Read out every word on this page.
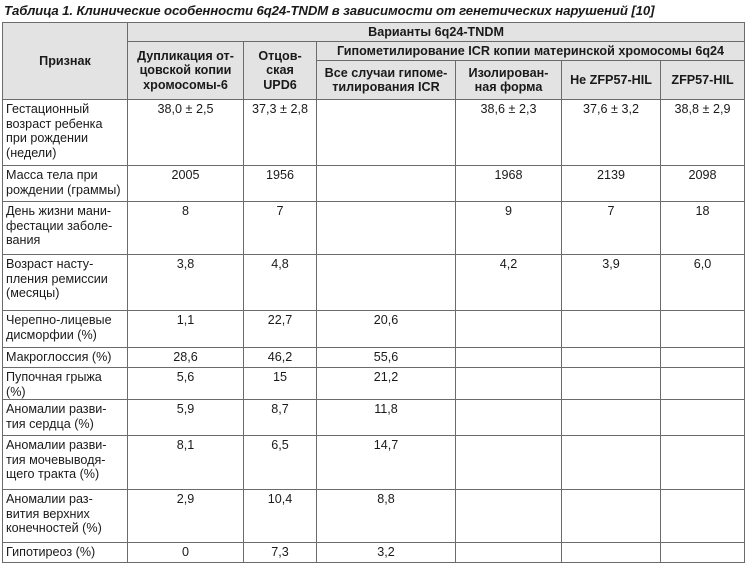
Таблица 1. Клинические особенности 6q24-TNDM в зависимости от генетических нарушений [10]
Признак	Варианты 6q24-TNDM					
	Дупликация от-цовской копии хромосомы-6	Отцов-ская UPD6	Гипометилирование ICR копии материнской хромосомы 6q24			
			Все случаи гипоме-тилирования ICR	Изолирован-ная форма	Не ZFP57-HIL	ZFP57-HIL
Гестационный возраст ребенка при рождении (недели)	38,0 ± 2,5	37,3 ± 2,8		38,6 ± 2,3	37,6 ± 3,2	38,8 ± 2,9
Масса тела при рождении (граммы)	2005	1956		1968	2139	2098
День жизни мани-фестации заболе-вания	8	7		9	7	18
Возраст насту-пления ремиссии (месяцы)	3,8	4,8		4,2	3,9	6,0
Черепно-лицевые дисморфии (%)	1,1	22,7	20,6			
Макроглоссия (%)	28,6	46,2	55,6			
Пупочная грыжа (%)	5,6	15	21,2			
Аномалии разви-тия сердца (%)	5,9	8,7	11,8			
Аномалии разви-тия мочевыводя-щего тракта (%)	8,1	6,5	14,7			
Аномалии раз-вития верхних конечностей (%)	2,9	10,4	8,8			
Гипотиреоз (%)	0	7,3	3,2			
